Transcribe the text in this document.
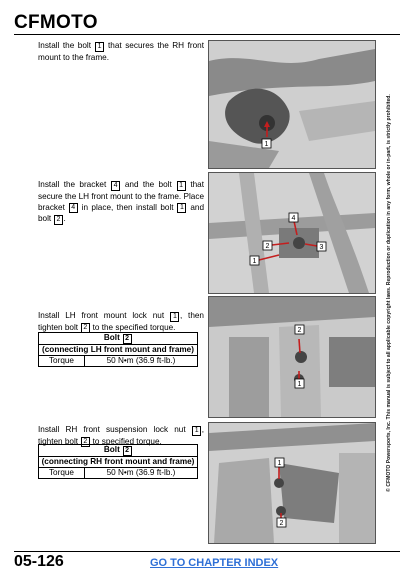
CFMOTO
Install the bolt 1 that secures the RH front mount to the frame.
1
Install the bracket 4 and the bolt 1 that secure the LH front mount to the frame. Place bracket 4 in place, then install bolt 1 and bolt 2 .	4
2	3
1
Install LH front mount lock nut 1 , then tighten bolt 2 to the specified torque.
Bolt 2
(connecting LH front mount and frame)
Torque	50 N•m (36.9 ft-lb.)
2
1
Install RH front suspension lock nut 1 , tighten bolt 2 to specified torque.
Bolt 2
(connecting RH front mount and frame)
Torque	50 N•m (36.9 ft-lb.)
1
2
© CFMOTO Powersports, Inc. This manual is subject to all applicable copyright laws. Reproduction or duplication in any form, whole or in-part, is strictly prohibited.
05-126	GO TO CHAPTER INDEX
